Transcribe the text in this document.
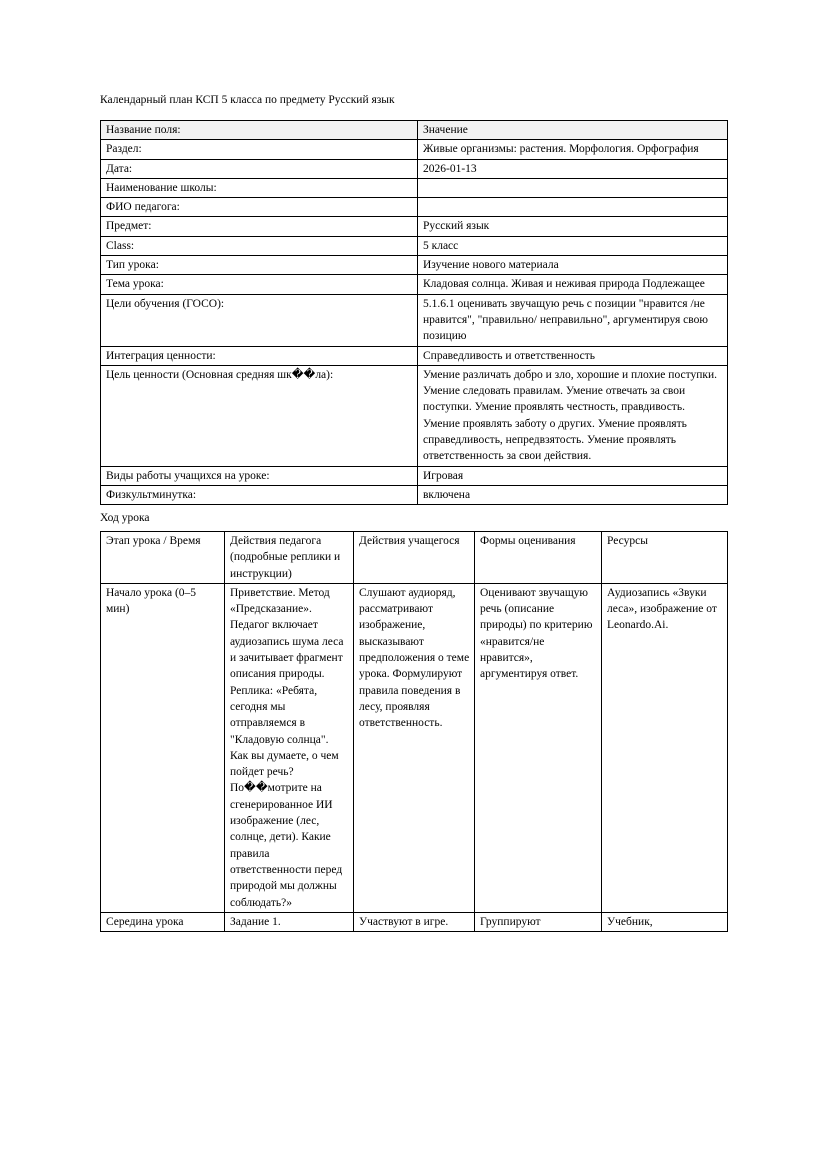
Календарный план КСП 5 класса по предмету Русский язык
Название поля:	Значение
Раздел:	Живые организмы: растения. Морфология. Орфография
Дата:	2026-01-13
Наименование школы:	
ФИО педагога:	
Предмет:	Русский язык
Class:	5 класс
Тип урока:	Изучение нового материала
Тема урока:	Кладовая солнца. Живая и неживая природа Подлежащее
Цели обучения (ГОСО):	5.1.6.1 оценивать звучащую речь с позиции "нравится /не нравится", "правильно/ неправильно", аргументируя свою позицию
Интеграция ценности:	Справедливость и ответственность
Цель ценности (Основная средняя шк��ла):	Умение различать добро и зло, хорошие и плохие поступки. Умение следовать правилам. Умение отвечать за свои поступки. Умение проявлять честность, правдивость. Умение проявлять заботу о других. Умение проявлять справедливость, непредвзятость. Умение проявлять ответственность за свои действия.
Виды работы учащихся на уроке:	Игровая
Физкультминутка:	включена
Ход урока
Этап урока / Время	Действия педагога (подробные реплики и инструкции)	Действия учащегося	Формы оценивания	Ресурсы
Начало урока (0–5 мин)	Приветствие. Метод «Предсказание». Педагог включает аудиозапись шума леса и зачитывает фрагмент описания природы. Реплика: «Ребята, сегодня мы отправляемся в "Кладовую солнца". Как вы думаете, о чем пойдет речь? По��мотрите на сгенерированное ИИ изображение (лес, солнце, дети). Какие правила ответственности перед природой мы должны соблюдать?»	Слушают аудиоряд, рассматривают изображение, высказывают предположения о теме урока. Формулируют правила поведения в лесу, проявляя ответственность.	Оценивают звучащую речь (описание природы) по критерию «нравится/не нравится», аргументируя ответ.	Аудиозапись «Звуки леса», изображение от Leonardo.Ai.
Середина урока	Задание 1.	Участвуют в игре.	Группируют	Учебник,
